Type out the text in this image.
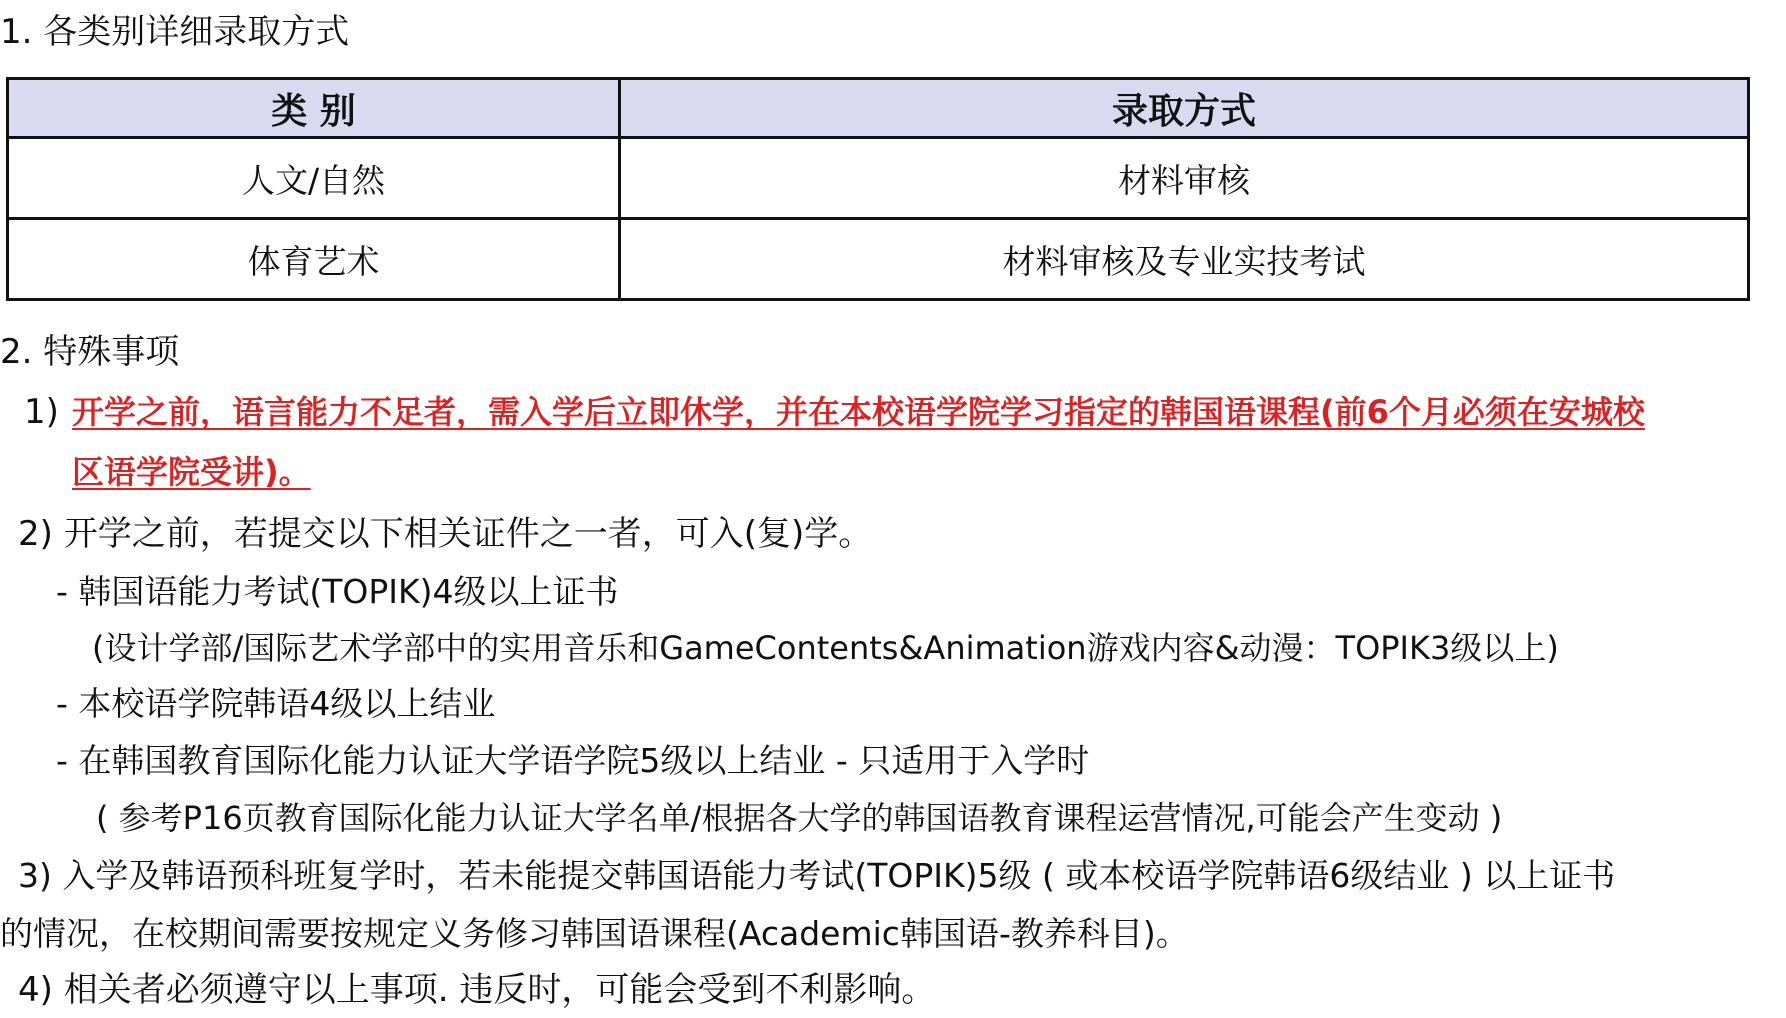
1. 各类别详细录取方式
类 别	录取方式
人文/自然	材料审核
体育艺术	材料审核及专业实技考试
2. 特殊事项
1) 开学之前，语言能力不足者，需入学后立即休学，并在本校语学院学习指定的韩国语课程(前6个月必须在安城校
区语学院受讲)。
2) 开学之前，若提交以下相关证件之一者，可入(复)学。
- 韩国语能力考试(TOPIK)4级以上证书
(设计学部/国际艺术学部中的实用音乐和GameContents&Animation游戏内容&动漫：TOPIK3级以上)
- 本校语学院韩语4级以上结业
- 在韩国教育国际化能力认证大学语学院5级以上结业 - 只适用于入学时
( 参考P16页教育国际化能力认证大学名单/根据各大学的韩国语教育课程运营情况,可能会产生变动 )
3) 入学及韩语预科班复学时，若未能提交韩国语能力考试(TOPIK)5级 ( 或本校语学院韩语6级结业 ) 以上证书
的情况，在校期间需要按规定义务修习韩国语课程(Academic韩国语-教养科目)。
4) 相关者必须遵守以上事项. 违反时，可能会受到不利影响。
